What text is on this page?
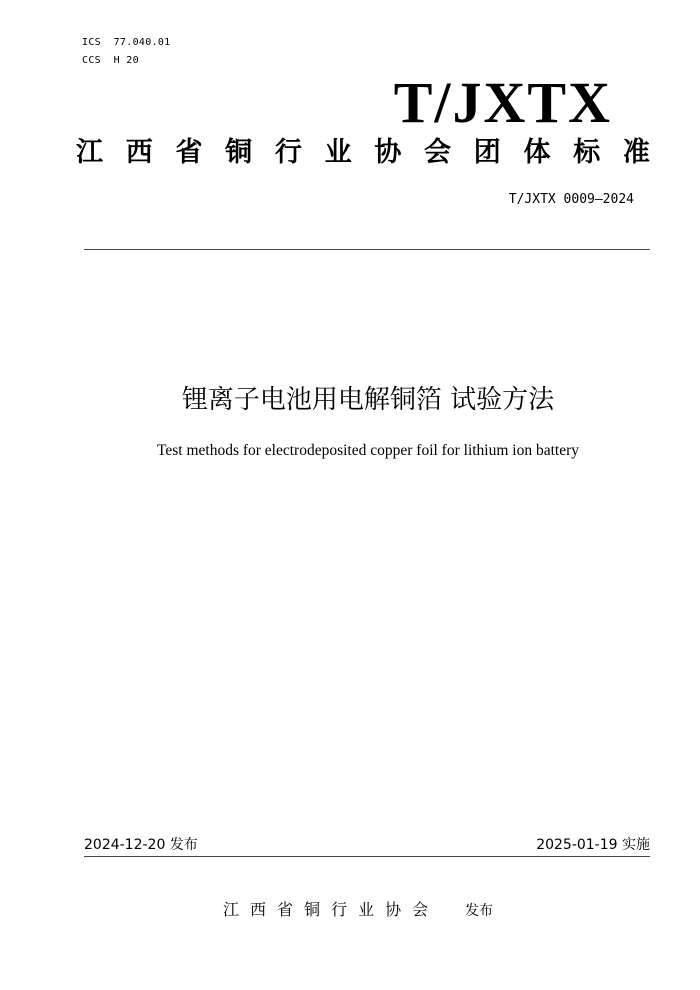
ICS  77.040.01
CCS  H 20
T/JXTX
江 西 省 铜 行 业 协 会 团 体 标 准
T/JXTX 0009—2024
锂离子电池用电解铜箔 试验方法
Test methods for electrodeposited copper foil for lithium ion battery
2024-12-20 发布	2025-01-19 实施
江 西 省 铜 行 业 协 会	发布
